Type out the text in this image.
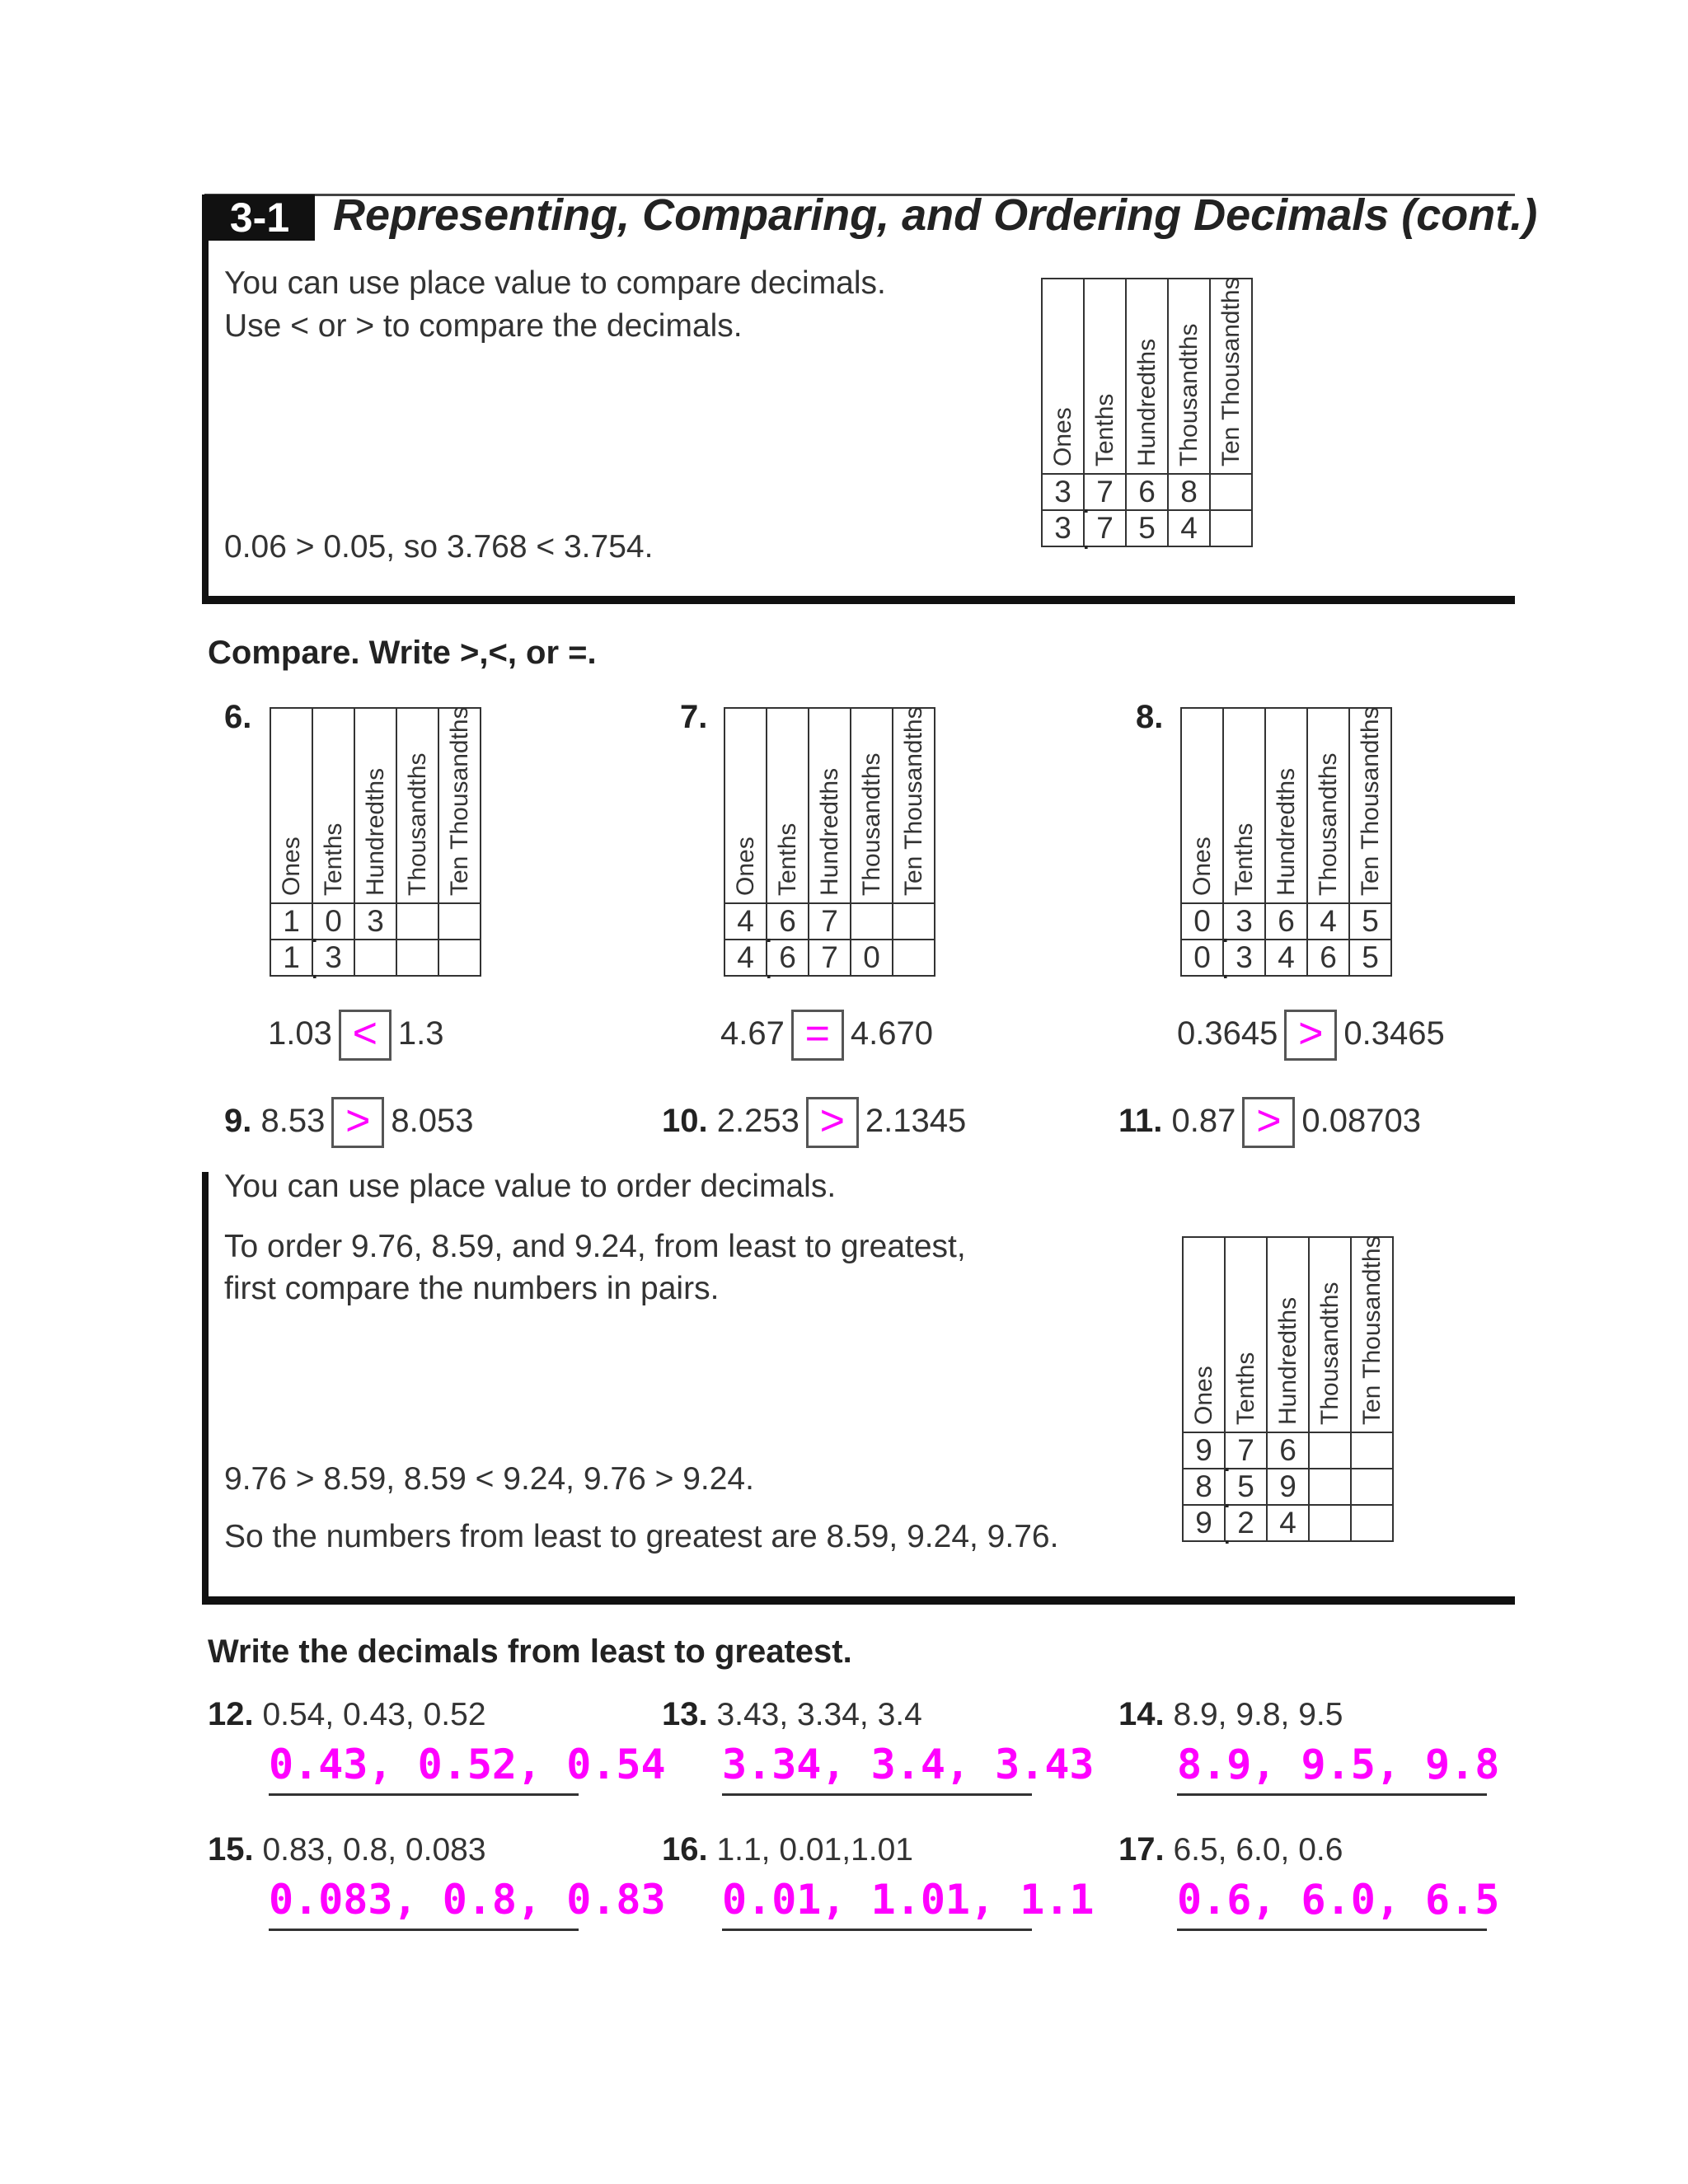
3-1 Representing, Comparing, and Ordering Decimals (cont.)
You can use place value to compare decimals.
Use < or > to compare the decimals.
0.06 > 0.05, so 3.768 < 3.754.
Ones	Tenths	Hundredths	Thousandths	Ten Thousandths

3 .	7	6	8	
3 .	7	5	4	
Compare. Write >,<, or =.
6.
Ones	Tenths	Hundredths	Thousandths	Ten Thousandths

1 .	0	3		
1 .	3			
1.03 < 1.3
7.
Ones	Tenths	Hundredths	Thousandths	Ten Thousandths

4 .	6	7		
4 .	6	7	0	
4.67 = 4.670
8.
Ones	Tenths	Hundredths	Thousandths	Ten Thousandths

0 .	3	6	4	5
0 .	3	4	6	5
0.3645 > 0.3465
9. 8.53 > 8.053	10. 2.253 > 2.1345	11. 0.87 > 0.08703
You can use place value to order decimals.
To order 9.76, 8.59, and 9.24, from least to greatest,
first compare the numbers in pairs.
9.76 > 8.59, 8.59 < 9.24, 9.76 > 9.24.
So the numbers from least to greatest are 8.59, 9.24, 9.76.
Ones	Tenths	Hundredths	Thousandths	Ten Thousandths

9 .	7	6		
8 .	5	9		
9 .	2	4		
Write the decimals from least to greatest.
12. 0.54, 0.43, 0.52
0.43, 0.52, 0.54
13. 3.43, 3.34, 3.4
3.34, 3.4, 3.43
14. 8.9, 9.8, 9.5
8.9, 9.5, 9.8
15. 0.83, 0.8, 0.083
0.083, 0.8, 0.83
16. 1.1, 0.01,1.01
0.01, 1.01, 1.1
17. 6.5, 6.0, 0.6
0.6, 6.0, 6.5
